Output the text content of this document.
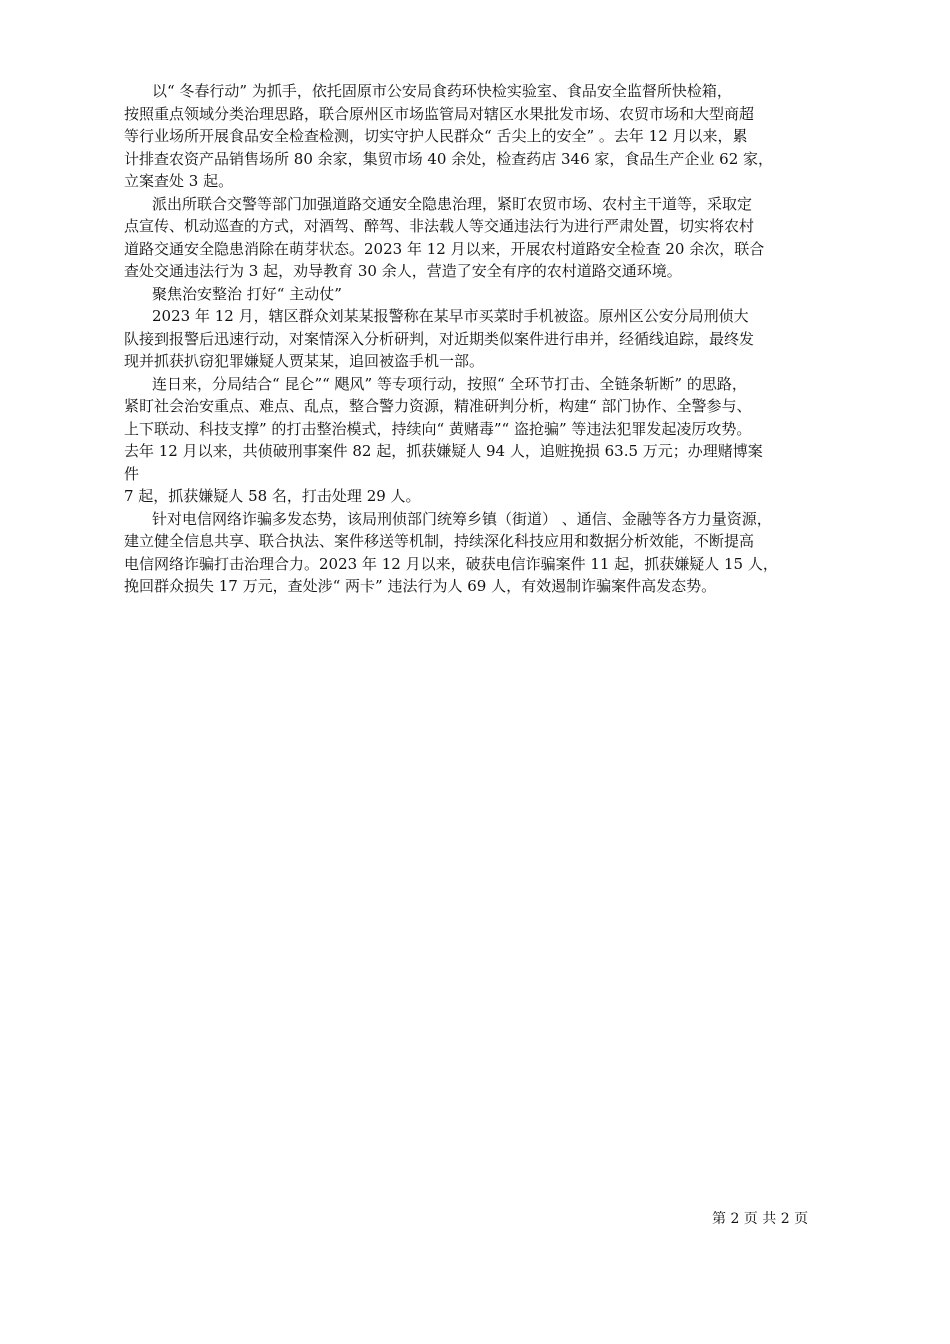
以“ 冬春行动” 为抓手，依托固原市公安局食药环快检实验室、食品安全监督所快检箱，
按照重点领域分类治理思路，联合原州区市场监管局对辖区水果批发市场、农贸市场和大型商超
等行业场所开展食品安全检查检测，切实守护人民群众“ 舌尖上的安全” 。去年 12 月以来，累
计排查农资产品销售场所 80 余家，集贸市场 40 余处，检查药店 346 家，食品生产企业 62 家，
立案查处 3 起。
派出所联合交警等部门加强道路交通安全隐患治理，紧盯农贸市场、农村主干道等，采取定
点宣传、机动巡查的方式，对酒驾、醉驾、非法载人等交通违法行为进行严肃处置，切实将农村
道路交通安全隐患消除在萌芽状态。2023 年 12 月以来，开展农村道路安全检查 20 余次，联合
查处交通违法行为 3 起，劝导教育 30 余人，营造了安全有序的农村道路交通环境。
聚焦治安整治 打好“ 主动仗”
2023 年 12 月，辖区群众刘某某报警称在某早市买菜时手机被盗。原州区公安分局刑侦大
队接到报警后迅速行动，对案情深入分析研判，对近期类似案件进行串并，经循线追踪，最终发
现并抓获扒窃犯罪嫌疑人贾某某，追回被盗手机一部。
连日来，分局结合“ 昆仑”“ 飓风” 等专项行动，按照“ 全环节打击、全链条斩断” 的思路，
紧盯社会治安重点、难点、乱点，整合警力资源，精准研判分析，构建“ 部门协作、全警参与、
上下联动、科技支撑” 的打击整治模式，持续向“ 黄赌毒”“ 盗抢骗” 等违法犯罪发起凌厉攻势。
去年 12 月以来，共侦破刑事案件 82 起，抓获嫌疑人 94 人，追赃挽损 63.5 万元；办理赌博案
件
7 起，抓获嫌疑人 58 名，打击处理 29 人。
针对电信网络诈骗多发态势，该局刑侦部门统筹乡镇（街道） 、通信、金融等各方力量资源，
建立健全信息共享、联合执法、案件移送等机制，持续深化科技应用和数据分析效能，不断提高
电信网络诈骗打击治理合力。2023 年 12 月以来，破获电信诈骗案件 11 起，抓获嫌疑人 15 人，
挽回群众损失 17 万元，查处涉“ 两卡” 违法行为人 69 人，有效遏制诈骗案件高发态势。
第 2 页 共 2 页
